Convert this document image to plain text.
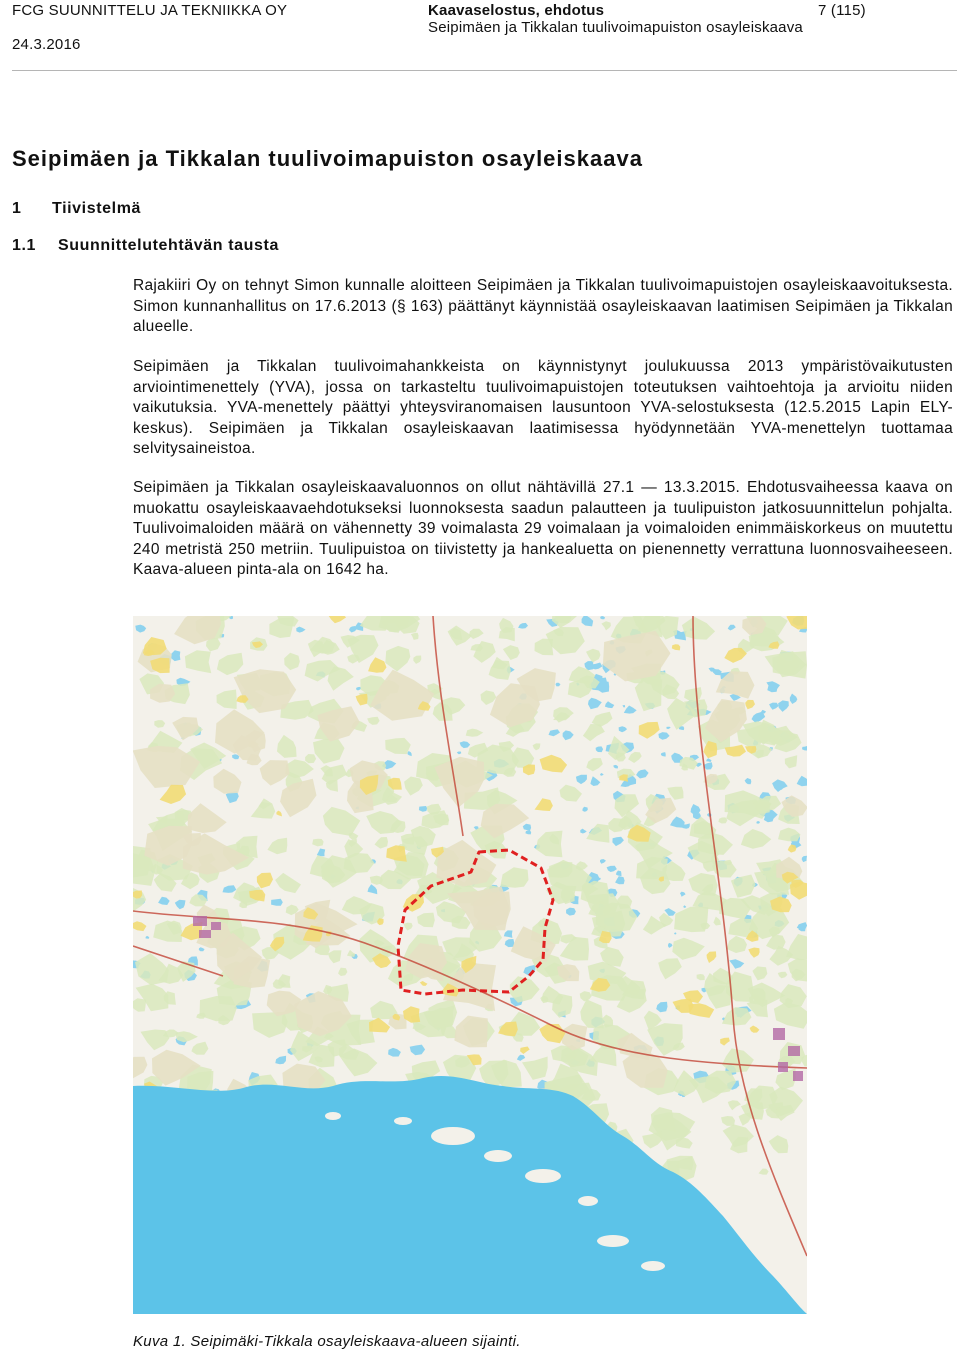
FCG SUUNNITTELU JA TEKNIIKKA OY	Kaavaselostus, ehdotus	7 (115)
Seipimäen ja Tikkalan tuulivoimapuiston osayleiskaava
24.3.2016
Seipimäen ja Tikkalan tuulivoimapuiston osayleiskaava
1 Tiivistelmä
1.1 Suunnittelutehtävän tausta

Rajakiiri Oy on tehnyt Simon kunnalle aloitteen Seipimäen ja Tikkalan tuulivoimapuistojen osayleiskaavoituksesta. Simon kunnanhallitus on 17.6.2013 (§ 163) päättänyt käynnistää osayleiskaavan laatimisen Seipimäen ja Tikkalan alueelle.

Seipimäen ja Tikkalan tuulivoimahankkeista on käynnistynyt joulukuussa 2013 ympäristövaikutusten arviointimenettely (YVA), jossa on tarkasteltu tuulivoimapuistojen toteutuksen vaihtoehtoja ja arvioitu niiden vaikutuksia. YVA-menettely päättyi yhteysviranomaisen lausuntoon YVA-selostuksesta (12.5.2015 Lapin ELY-keskus). Seipimäen ja Tikkalan osayleiskaavan laatimisessa hyödynnetään YVA-menettelyn tuottamaa selvitysaineistoa.

Seipimäen ja Tikkalan osayleiskaavaluonnos on ollut nähtävillä 27.1 — 13.3.2015. Ehdotusvaiheessa kaava on muokattu osayleiskaavaehdotukseksi luonnoksesta saadun palautteen ja tuulipuiston jatkosuunnittelun pohjalta. Tuulivoimaloiden määrä on vähennetty 39 voimalasta 29 voimalaan ja voimaloiden enimmäiskorkeus on muutettu 240 metristä 250 metriin. Tuulipuistoa on tiivistetty ja hankealuetta on pienennetty verrattuna luonnosvaiheeseen. Kaava-alueen pinta-ala on 1642 ha.

Kuva 1. Seipimäki-Tikkala osayleiskaava-alueen sijainti.
